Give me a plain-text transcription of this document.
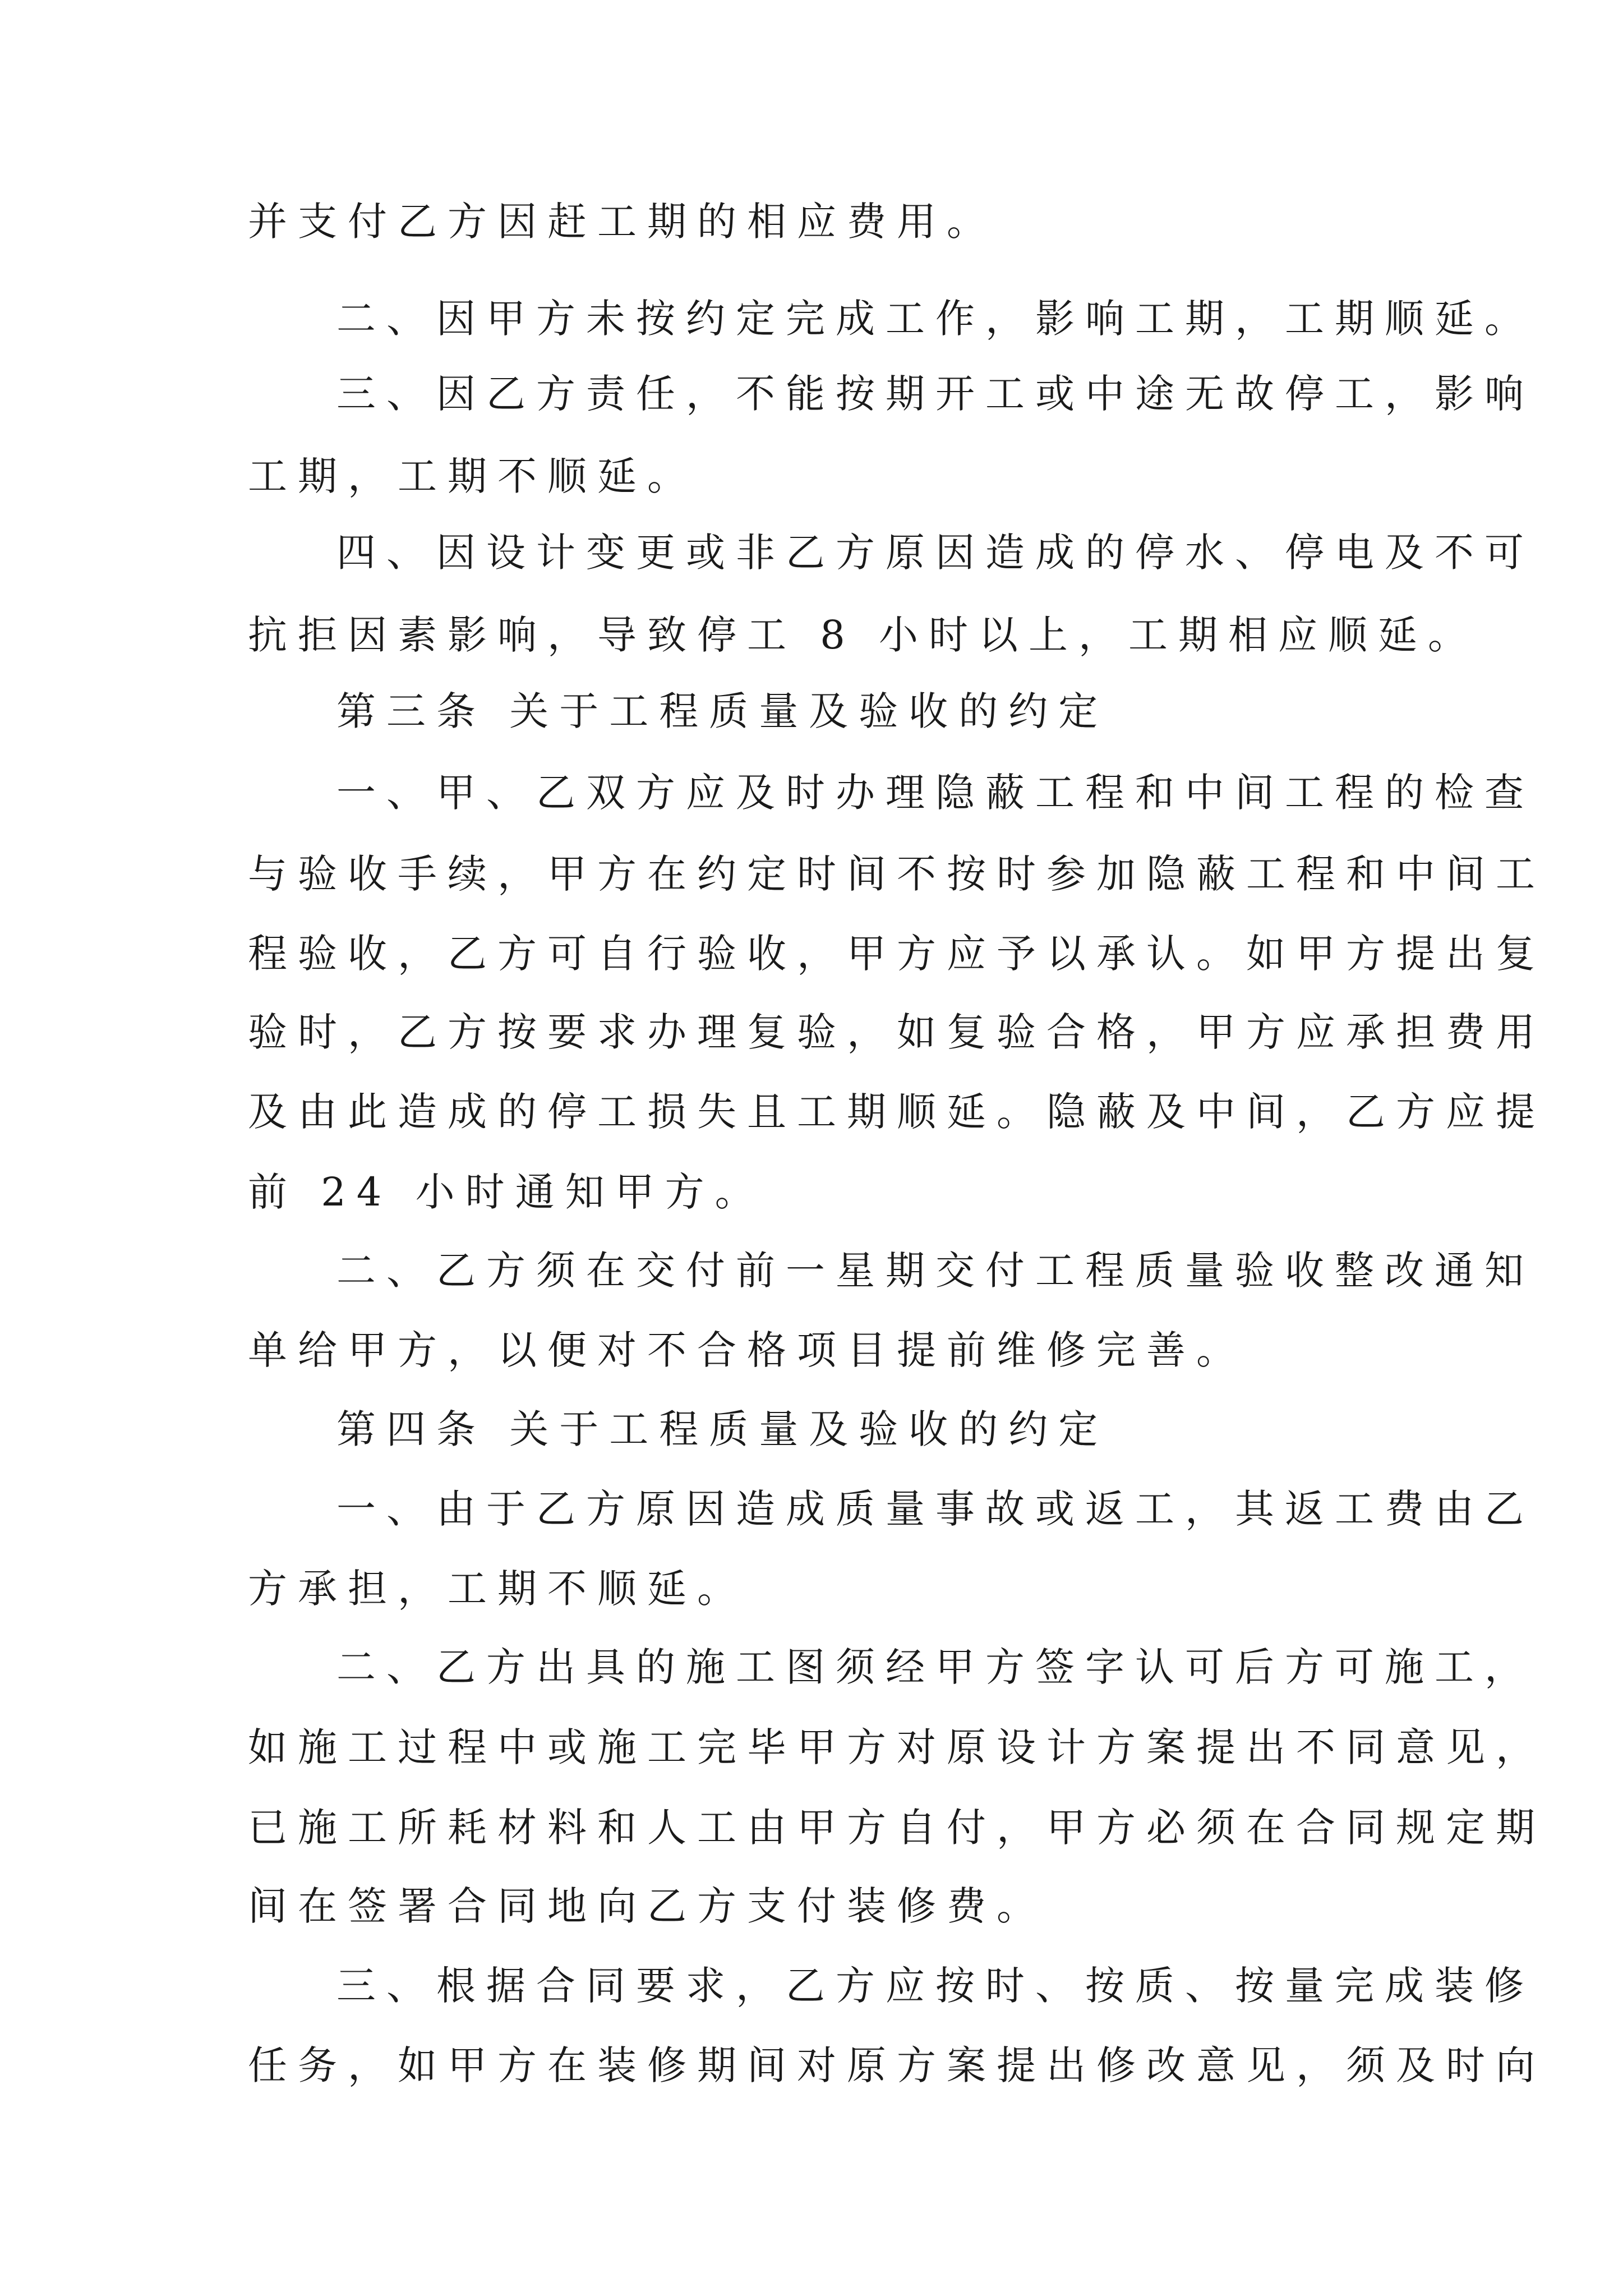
并支付乙方因赶工期的相应费用。
二、因甲方未按约定完成工作，影响工期，工期顺延。
三、因乙方责任，不能按期开工或中途无故停工，影响
工期，工期不顺延。
四、因设计变更或非乙方原因造成的停水、停电及不可
抗拒因素影响，导致停工 8 小时以上，工期相应顺延。
第三条 关于工程质量及验收的约定
一、甲、乙双方应及时办理隐蔽工程和中间工程的检查
与验收手续，甲方在约定时间不按时参加隐蔽工程和中间工
程验收，乙方可自行验收，甲方应予以承认。如甲方提出复
验时，乙方按要求办理复验，如复验合格，甲方应承担费用
及由此造成的停工损失且工期顺延。隐蔽及中间，乙方应提
前 24 小时通知甲方。
二、乙方须在交付前一星期交付工程质量验收整改通知
单给甲方，以便对不合格项目提前维修完善。
第四条 关于工程质量及验收的约定
一、由于乙方原因造成质量事故或返工，其返工费由乙
方承担，工期不顺延。
二、乙方出具的施工图须经甲方签字认可后方可施工，
如施工过程中或施工完毕甲方对原设计方案提出不同意见，
已施工所耗材料和人工由甲方自付，甲方必须在合同规定期
间在签署合同地向乙方支付装修费。
三、根据合同要求，乙方应按时、按质、按量完成装修
任务，如甲方在装修期间对原方案提出修改意见，须及时向
